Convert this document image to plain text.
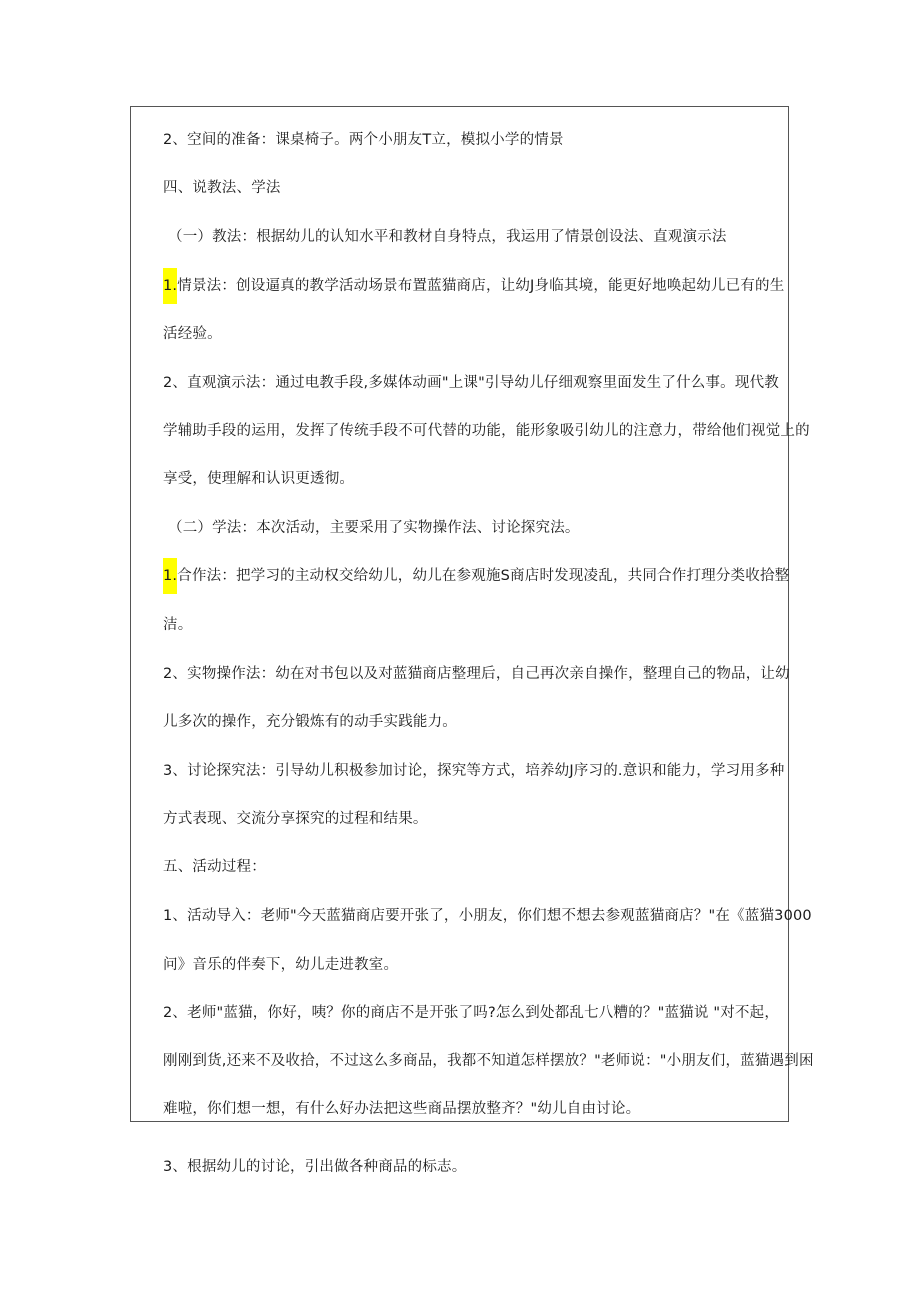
2、空间的准备：课桌椅子。两个小朋友T立，模拟小学的情景
四、说教法、学法
（一）教法：根据幼儿的认知水平和教材自身特点，我运用了情景创设法、直观演示法
1.情景法：创设逼真的教学活动场景布置蓝猫商店，让幼J身临其境，能更好地唤起幼儿已有的生
活经验。
2、直观演示法：通过电教手段,多媒体动画"上课"引导幼儿仔细观察里面发生了什么事。现代教
学辅助手段的运用，发挥了传统手段不可代替的功能，能形象吸引幼儿的注意力，带给他们视觉上的
享受，使理解和认识更透彻。
（二）学法：本次活动，主要采用了实物操作法、讨论探究法。
1.合作法：把学习的主动权交给幼儿，幼儿在参观施S商店时发现凌乱，共同合作打理分类收拾整
洁。
2、实物操作法：幼在对书包以及对蓝猫商店整理后，自己再次亲自操作，整理自己的物品，让幼
儿多次的操作，充分锻炼有的动手实践能力。
3、讨论探究法：引导幼儿积极参加讨论，探究等方式，培养幼J序习的.意识和能力，学习用多种
方式表现、交流分享探究的过程和结果。
五、活动过程：
1、活动导入：老师"今天蓝猫商店要开张了，小朋友，你们想不想去参观蓝猫商店？"在《蓝猫3000
问》音乐的伴奏下，幼儿走进教室。
2、老师"蓝猫，你好，咦？你的商店不是开张了吗?怎么到处都乱七八糟的？"蓝猫说 "对不起，
刚刚到货,还来不及收拾，不过这么多商品，我都不知道怎样摆放？"老师说："小朋友们，蓝猫遇到困
难啦，你们想一想，有什么好办法把这些商品摆放整齐？"幼儿自由讨论。
3、根据幼儿的讨论，引出做各种商品的标志。
